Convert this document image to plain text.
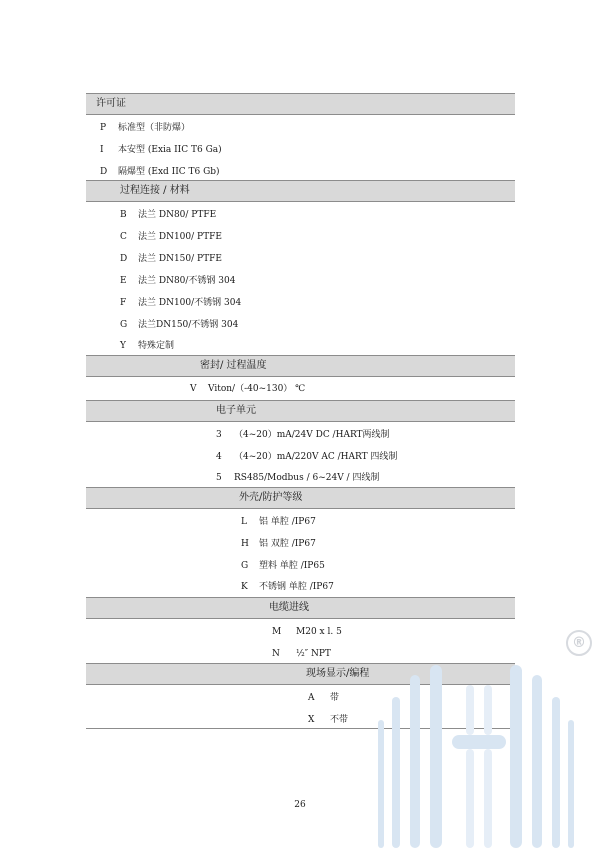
许可证
P 标准型（非防爆）
I 本安型 (Exia IIC T6 Ga)
D 隔爆型 (Exd IIC T6 Gb)
过程连接 / 材料
B 法兰 DN80/ PTFE
C 法兰 DN100/ PTFE
D 法兰 DN150/ PTFE
E 法兰 DN80/不锈钢 304
F 法兰 DN100/不锈钢 304
G 法兰DN150/不锈钢 304
Y 特殊定制
密封/ 过程温度
V Viton/（-40~130） ℃
电子单元
3 （4~20）mA/24V DC /HART两线制
4 （4~20）mA/220V AC /HART 四线制
5 RS485/Modbus / 6~24V / 四线制
外壳/防护等级
L 铝 单腔 /IP67
H 铝 双腔 /IP67
G 塑料 单腔 /IP65
K 不锈钢 单腔 /IP67
电缆进线
M M20 x l. 5
N ½″ NPT
现场显示/编程
A 带
X 不带
®
26
